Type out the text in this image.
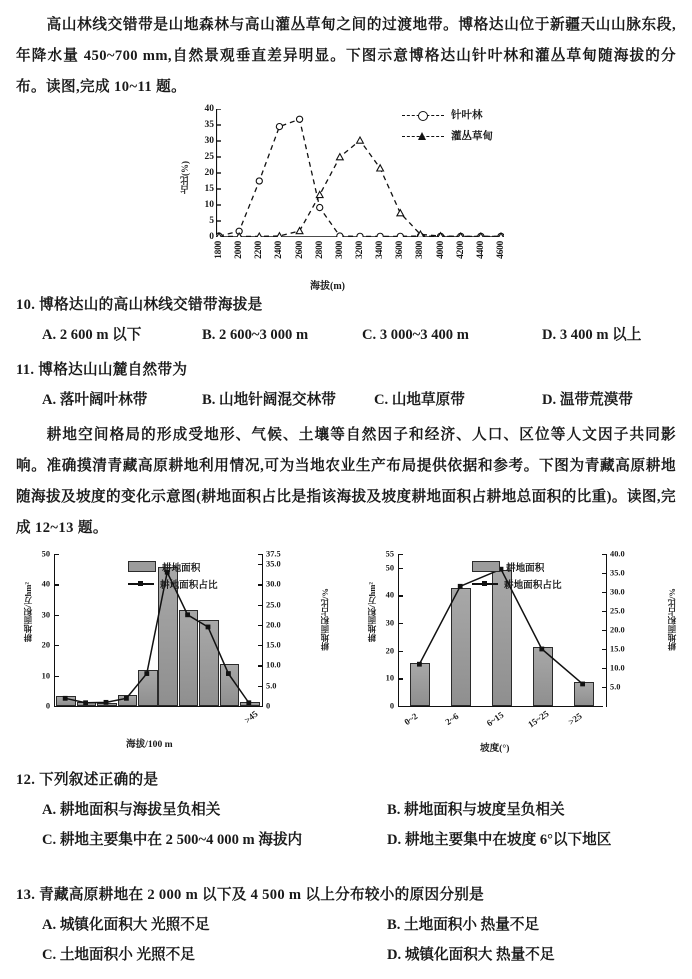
高山林线交错带是山地森林与高山灌丛草甸之间的过渡地带。博格达山位于新疆天山山脉东段,年降水量 450~700 mm,自然景观垂直差异明显。下图示意博格达山针叶林和灌丛草甸随海拔的分布。读图,完成 10~11 题。
占比(%)
0
5
10
15
20
25
30
35
40
1800 2000 2200 2400 2600 2800 3000 3200 3400 3600 3800 4000 4200 4400 4600
海拔(m)
针叶林
灌丛草甸
10. 博格达山的高山林线交错带海拔是
A. 2 600 m 以下	B. 2 600~3 000 m	C. 3 000~3 400 m	D. 3 400 m 以上
11. 博格达山山麓自然带为
A. 落叶阔叶林带	B. 山地针阔混交林带	C. 山地草原带	D. 温带荒漠带
耕地空间格局的形成受地形、气候、土壤等自然因子和经济、人口、区位等人文因子共同影响。准确摸清青藏高原耕地利用情况,可为当地农业生产布局提供依据和参考。下图为青藏高原耕地随海拔及坡度的变化示意图(耕地面积占比是指该海拔及坡度耕地面积占耕地总面积的比重)。读图,完成 12~13 题。
耕地面积/万hm²
0
10
20
30
40
50
0
5.0
10.0
15.0
20.0
25.0
30.0
35.0
37.5
耕地面积占比/%
耕地面积
耕地面积占比
>45
海拔/100 m
耕地面积/万hm²
0
10
20
30
40
50
55
5.0
10.0
15.0
20.0
25.0
30.0
35.0
40.0
耕地面积占比/%
耕地面积
耕地面积占比
0~2	2~6	6~15 15~25 >25
坡度(°)
12. 下列叙述正确的是
A. 耕地面积与海拔呈负相关	B. 耕地面积与坡度呈负相关
C. 耕地主要集中在 2 500~4 000 m 海拔内	D. 耕地主要集中在坡度 6°以下地区
13. 青藏高原耕地在 2 000 m 以下及 4 500 m 以上分布较小的原因分别是
A. 城镇化面积大 光照不足	B. 土地面积小 热量不足
C. 土地面积小 光照不足	D. 城镇化面积大 热量不足
